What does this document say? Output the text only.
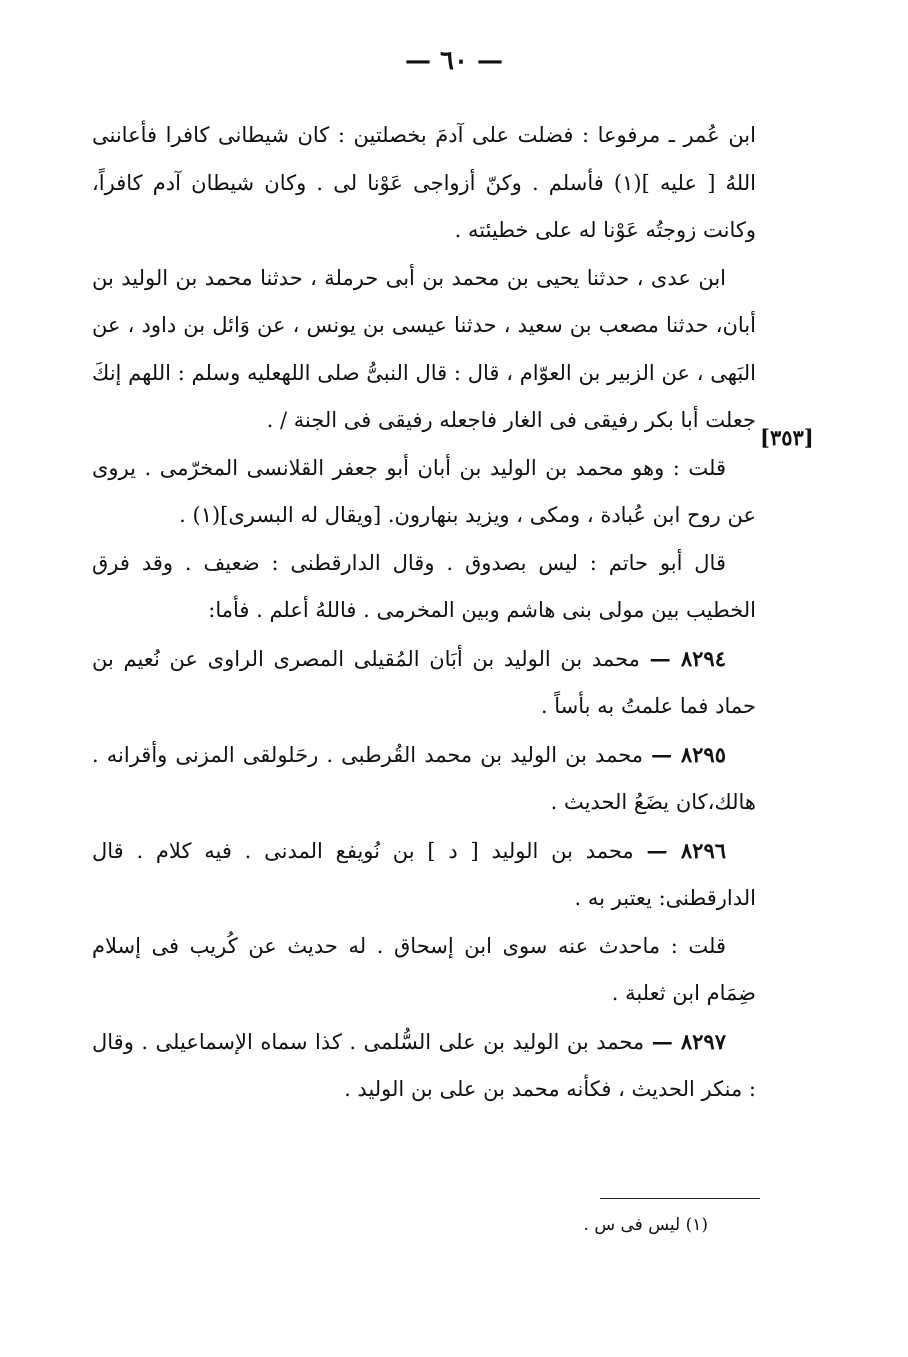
— ٦٠ —
[٣٥٣]

ابن عُمر ـ مرفوعا : فضلت على آدمَ بخصلتين : كان شيطانى كافرا فأعاننى اللهُ [ عليه ](١) فأسلم . وكنّ أزواجى عَوْنا لى . وكان شيطان آدم كافراً، وكانت زوجتُه عَوْنا له على خطيئته .

ابن عدى ، حدثنا يحيى بن محمد بن أبى حرملة ، حدثنا محمد بن الوليد بن أبان، حدثنا مصعب بن سعيد ، حدثنا عيسى بن يونس ، عن وَائل بن داود ، عن البَهى ، عن الزبير بن العوّام ، قال : قال النبىُّ صلى اللهعليه وسلم : اللهم إنكَ جعلت أبا بكر رفيقى فى الغار فاجعله رفيقى فى الجنة / .

قلت : وهو محمد بن الوليد بن أبان أبو جعفر القلانسى المخرّمى . يروى عن روح ابن عُبادة ، ومكى ، ويزيد بنهارون. [ويقال له البسرى](١) .

قال أبو حاتم : ليس بصدوق . وقال الدارقطنى : ضعيف . وقد فرق الخطيب بين مولى بنى هاشم وبين المخرمى . فاللهُ أعلم . فأما:

٨٢٩٤ — محمد بن الوليد بن أبَان المُقيلى المصرى الراوى عن نُعيم بن حماد فما علمتُ به بأساً .

٨٢٩٥ — محمد بن الوليد بن محمد القُرطبى . رحَلولقى المزنى وأقرانه . هالك،كان يضَعُ الحديث .

٨٢٩٦ — محمد بن الوليد [ د ] بن نُويفع المدنى . فيه كلام . قال الدارقطنى: يعتبر به .

قلت : ماحدث عنه سوى ابن إسحاق . له حديث عن كُريب فى إسلام ضِمَام ابن ثعلبة .

٨٢٩٧ — محمد بن الوليد بن على السُّلمى . كذا سماه الإسماعيلى . وقال : منكر الحديث ، فكأنه محمد بن على بن الوليد .

(١) ليس فى س .
